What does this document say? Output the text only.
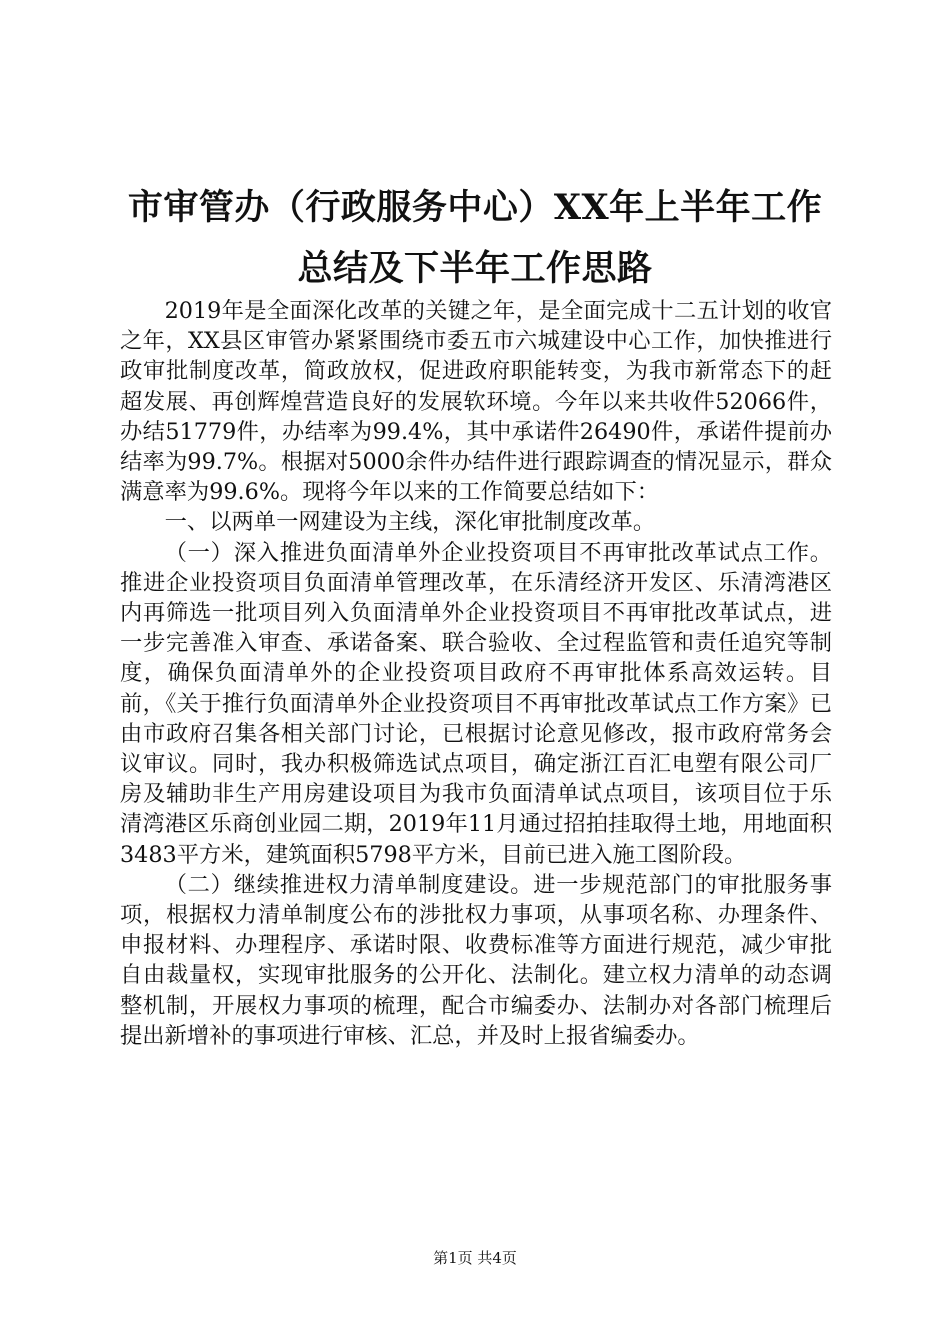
市审管办（行政服务中心）XX年上半年工作
总结及下半年工作思路

2019年是全面深化改革的关键之年，是全面完成十二五计划的收官之年，XX县区审管办紧紧围绕市委五市六城建设中心工作，加快推进行政审批制度改革，简政放权，促进政府职能转变，为我市新常态下的赶超发展、再创辉煌营造良好的发展软环境。今年以来共收件52066件，办结51779件，办结率为99.4%，其中承诺件26490件，承诺件提前办结率为99.7%。根据对5000余件办结件进行跟踪调查的情况显示，群众满意率为99.6%。现将今年以来的工作简要总结如下：

一、以两单一网建设为主线，深化审批制度改革。

（一）深入推进负面清单外企业投资项目不再审批改革试点工作。推进企业投资项目负面清单管理改革，在乐清经济开发区、乐清湾港区内再筛选一批项目列入负面清单外企业投资项目不再审批改革试点，进一步完善准入审查、承诺备案、联合验收、全过程监管和责任追究等制度，确保负面清单外的企业投资项目政府不再审批体系高效运转。目前，《关于推行负面清单外企业投资项目不再审批改革试点工作方案》已由市政府召集各相关部门讨论，已根据讨论意见修改，报市政府常务会议审议。同时，我办积极筛选试点项目，确定浙江百汇电塑有限公司厂房及辅助非生产用房建设项目为我市负面清单试点项目，该项目位于乐清湾港区乐商创业园二期，2019年11月通过招拍挂取得土地，用地面积3483平方米，建筑面积5798平方米，目前已进入施工图阶段。

（二）继续推进权力清单制度建设。进一步规范部门的审批服务事项，根据权力清单制度公布的涉批权力事项，从事项名称、办理条件、申报材料、办理程序、承诺时限、收费标准等方面进行规范，减少审批自由裁量权，实现审批服务的公开化、法制化。建立权力清单的动态调整机制，开展权力事项的梳理，配合市编委办、法制办对各部门梳理后提出新增补的事项进行审核、汇总，并及时上报省编委办。

第1页 共4页
